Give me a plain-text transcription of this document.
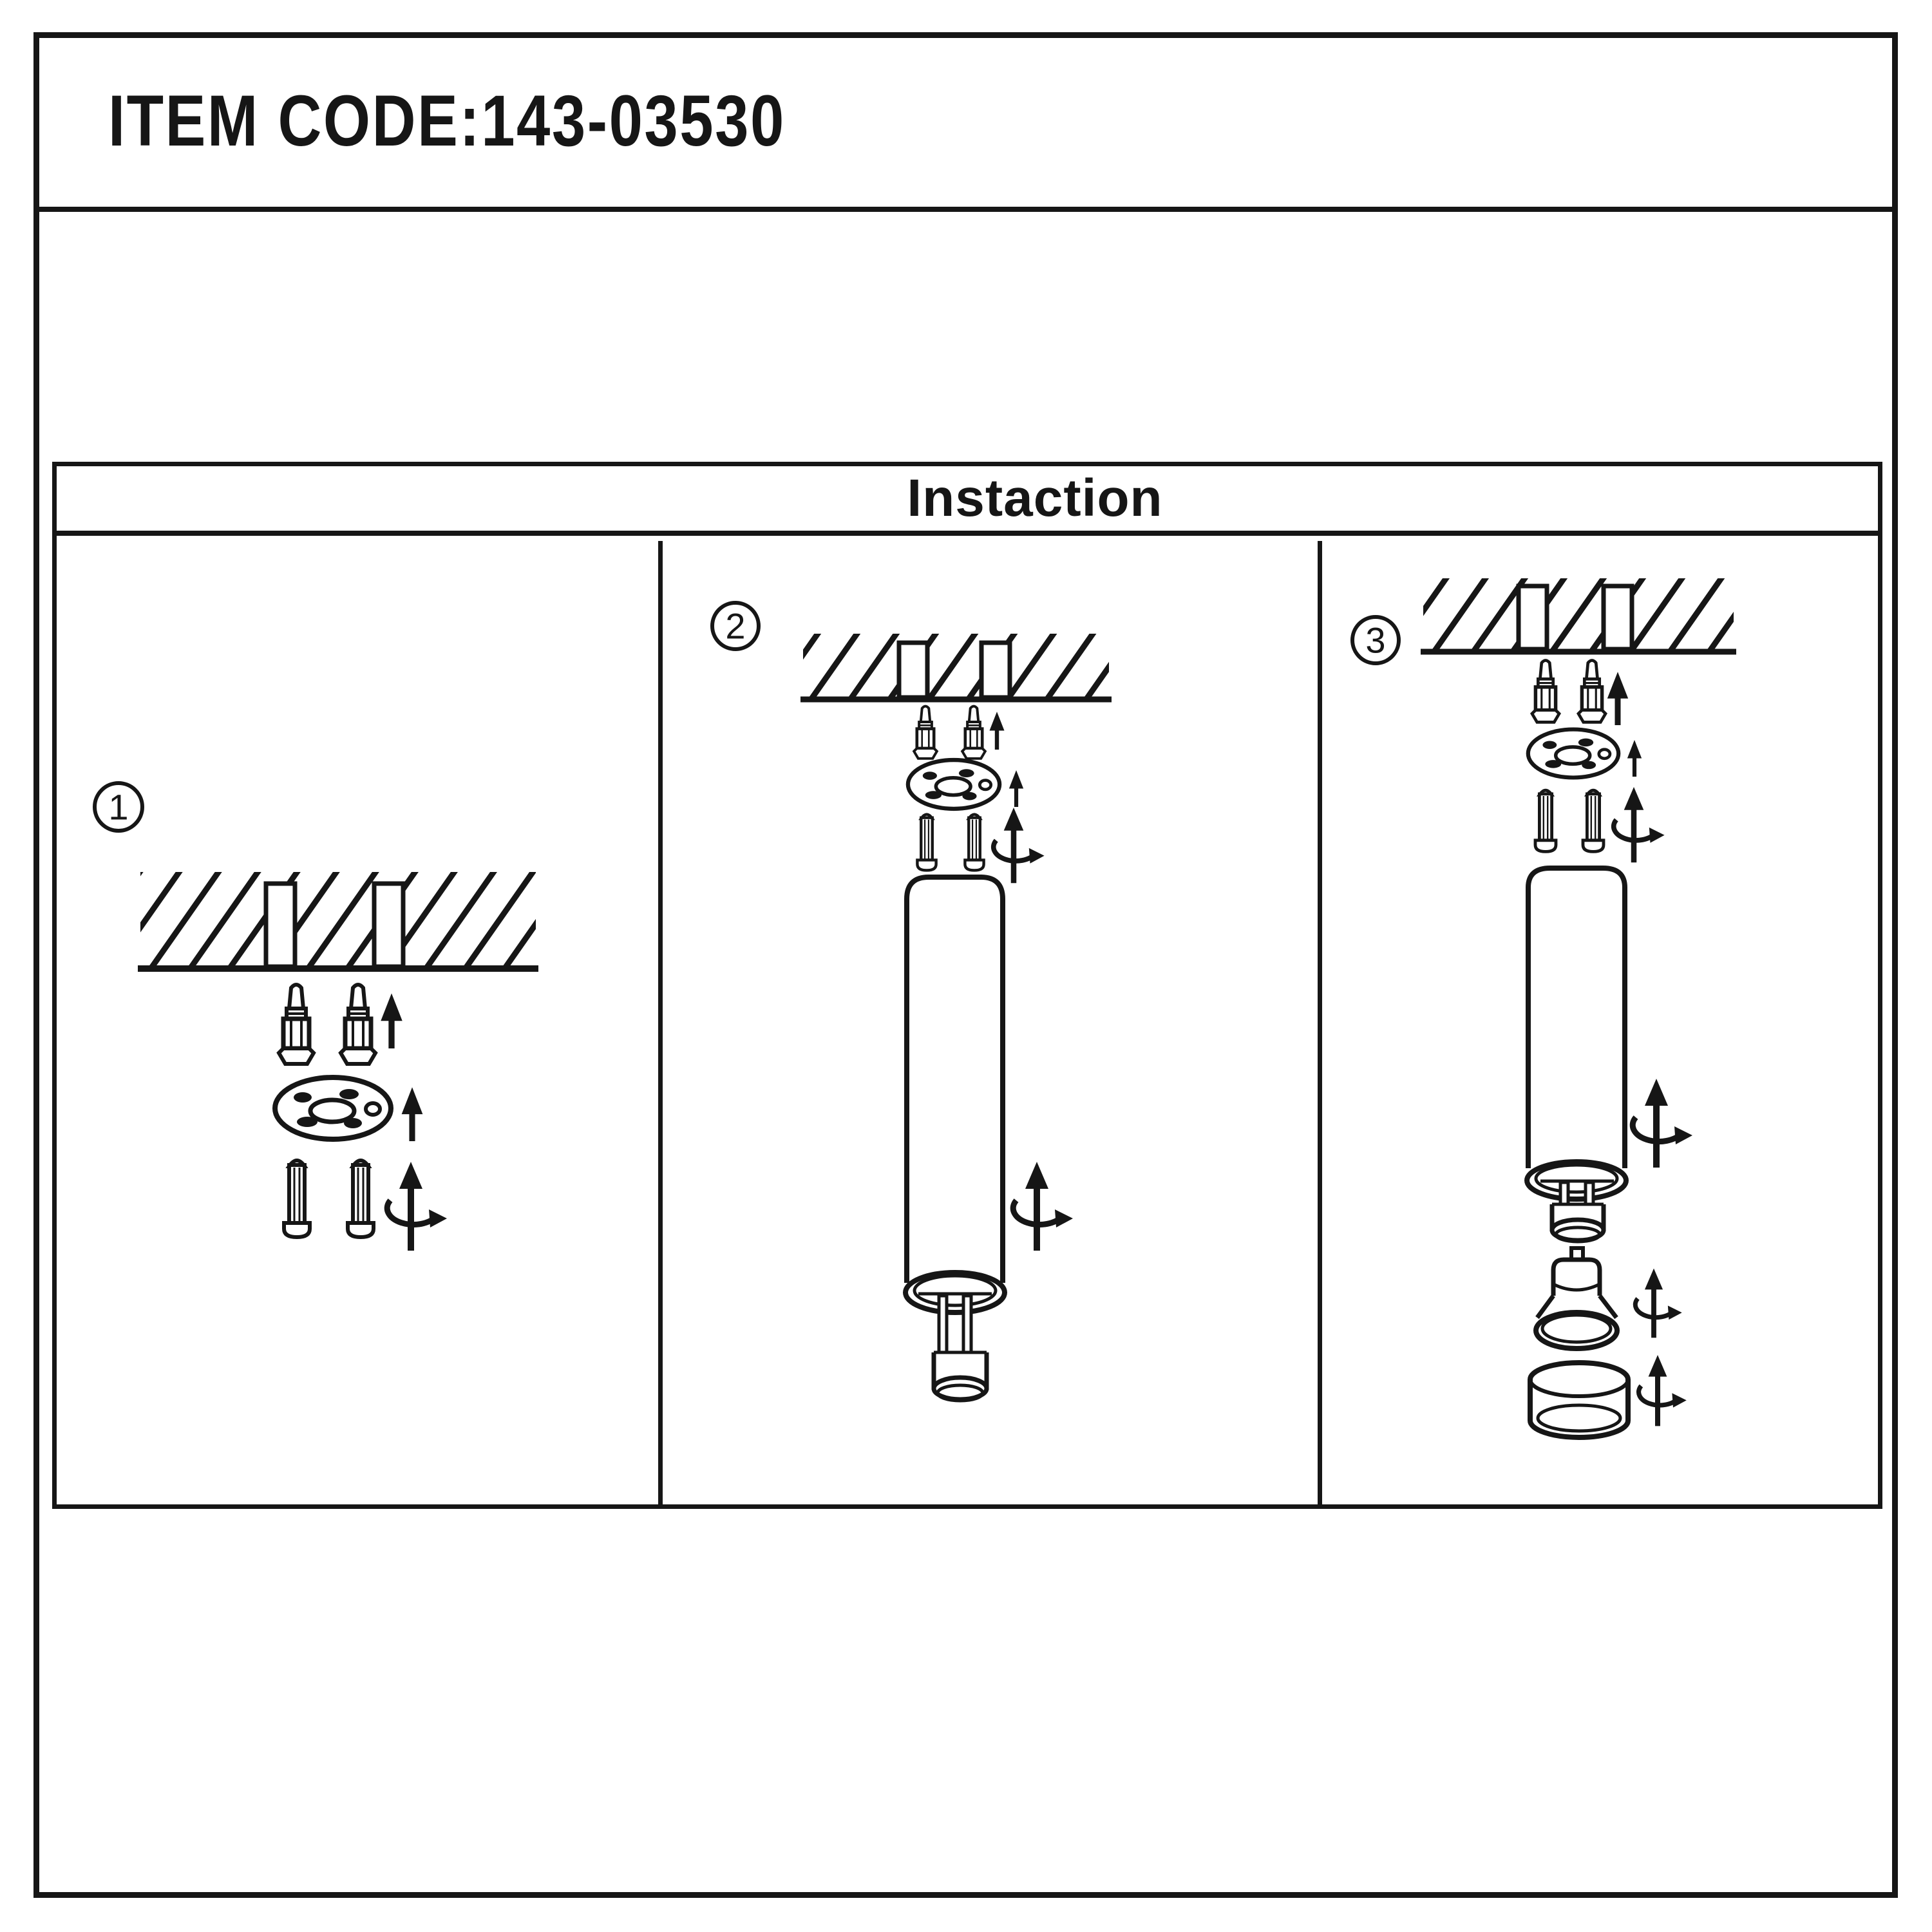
ITEM CODE:143-03530
Instaction
1
2	3
